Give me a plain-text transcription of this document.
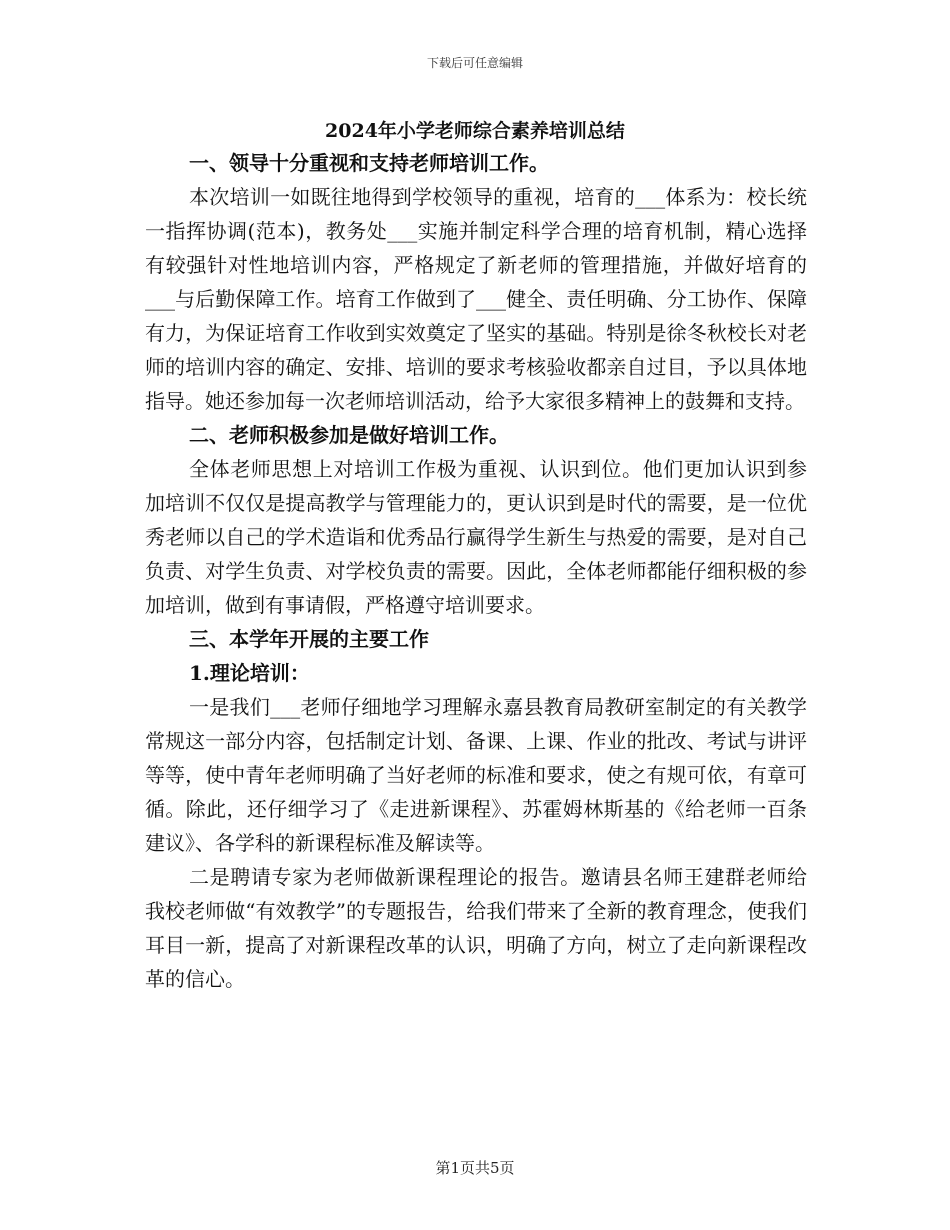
下载后可任意编辑
2024年小学老师综合素养培训总结

一、领导十分重视和支持老师培训工作。

本次培训一如既往地得到学校领导的重视，培育的___体系为：校长统一指挥协调(范本)，教务处___实施并制定科学合理的培育机制，精心选择有较强针对性地培训内容，严格规定了新老师的管理措施，并做好培育的___与后勤保障工作。培育工作做到了___健全、责任明确、分工协作、保障有力，为保证培育工作收到实效奠定了坚实的基础。特别是徐冬秋校长对老师的培训内容的确定、安排、培训的要求考核验收都亲自过目，予以具体地指导。她还参加每一次老师培训活动，给予大家很多精神上的鼓舞和支持。

二、老师积极参加是做好培训工作。

全体老师思想上对培训工作极为重视、认识到位。他们更加认识到参加培训不仅仅是提高教学与管理能力的，更认识到是时代的需要，是一位优秀老师以自己的学术造诣和优秀品行赢得学生新生与热爱的需要，是对自己负责、对学生负责、对学校负责的需要。因此，全体老师都能仔细积极的参加培训，做到有事请假，严格遵守培训要求。

三、本学年开展的主要工作

1.理论培训：

一是我们___老师仔细地学习理解永嘉县教育局教研室制定的有关教学常规这一部分内容，包括制定计划、备课、上课、作业的批改、考试与讲评等等，使中青年老师明确了当好老师的标准和要求，使之有规可依，有章可循。除此，还仔细学习了《走进新课程》、苏霍姆林斯基的《给老师一百条建议》、各学科的新课程标准及解读等。

二是聘请专家为老师做新课程理论的报告。邀请县名师王建群老师给我校老师做“有效教学”的专题报告，给我们带来了全新的教育理念，使我们耳目一新，提高了对新课程改革的认识，明确了方向，树立了走向新课程改革的信心。

第1页共5页
